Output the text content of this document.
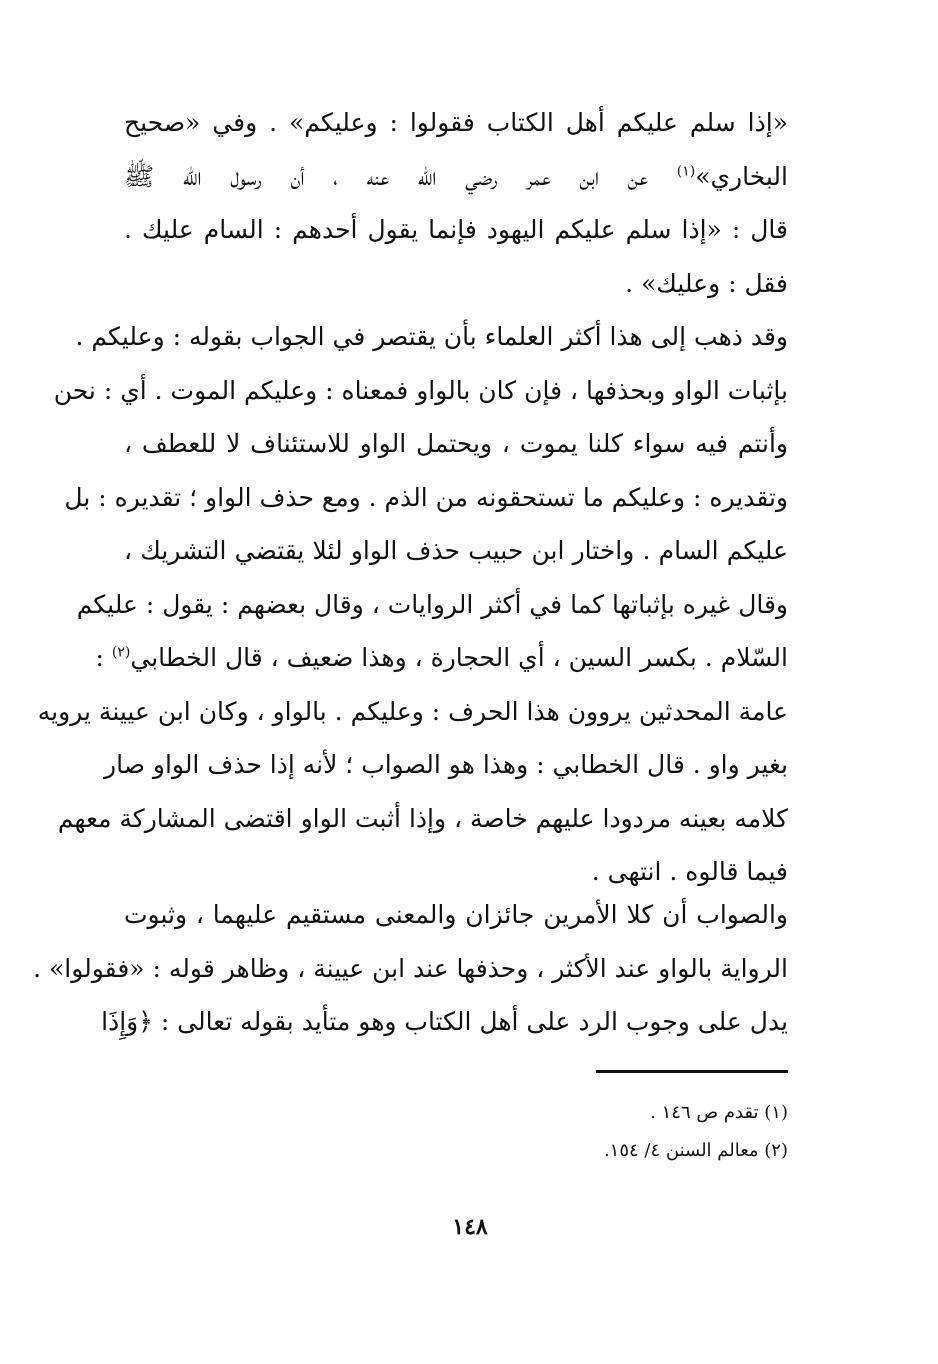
«إذا سلم عليكم أهل الكتاب فقولوا : وعليكم» . وفي «صحيح
البخاري»$^{(١)}$ عن ابن عمر رضي الله عنه ، أن رسول الله ﷺ
قال : «إذا سلم عليكم اليهود فإنما يقول أحدهم : السام عليك .
فقل : وعليك» .
وقد ذهب إلى هذا أكثر العلماء بأن يقتصر في الجواب بقوله : وعليكم .
بإثبات الواو وبحذفها ، فإن كان بالواو فمعناه : وعليكم الموت . أي : نحن
وأنتم فيه سواء كلنا يموت ، ويحتمل الواو للاستئناف لا للعطف ،
وتقديره : وعليكم ما تستحقونه من الذم . ومع حذف الواو ؛ تقديره : بل
عليكم السام . واختار ابن حبيب حذف الواو لئلا يقتضي التشريك ،
وقال غيره بإثباتها كما في أكثر الروايات ، وقال بعضهم : يقول : عليكم
السّلام . بكسر السين ، أي الحجارة ، وهذا ضعيف ، قال الخطابي$^{(٢)}$ :
عامة المحدثين يروون هذا الحرف : وعليكم . بالواو ، وكان ابن عيينة يرويه
بغير واو . قال الخطابي : وهذا هو الصواب ؛ لأنه إذا حذف الواو صار
كلامه بعينه مردودا عليهم خاصة ، وإذا أثبت الواو اقتضى المشاركة معهم
فيما قالوه . انتهى .
والصواب أن كلا الأمرين جائزان والمعنى مستقيم عليهما ، وثبوت
الرواية بالواو عند الأكثر ، وحذفها عند ابن عيينة ، وظاهر قوله : «فقولوا» .
يدل على وجوب الرد على أهل الكتاب وهو متأيد بقوله تعالى : ﴿وَإِذَا
(١) تقدم ص ١٤٦ .
(٢) معالم السنن ٤/ ١٥٤.
١٤٨
